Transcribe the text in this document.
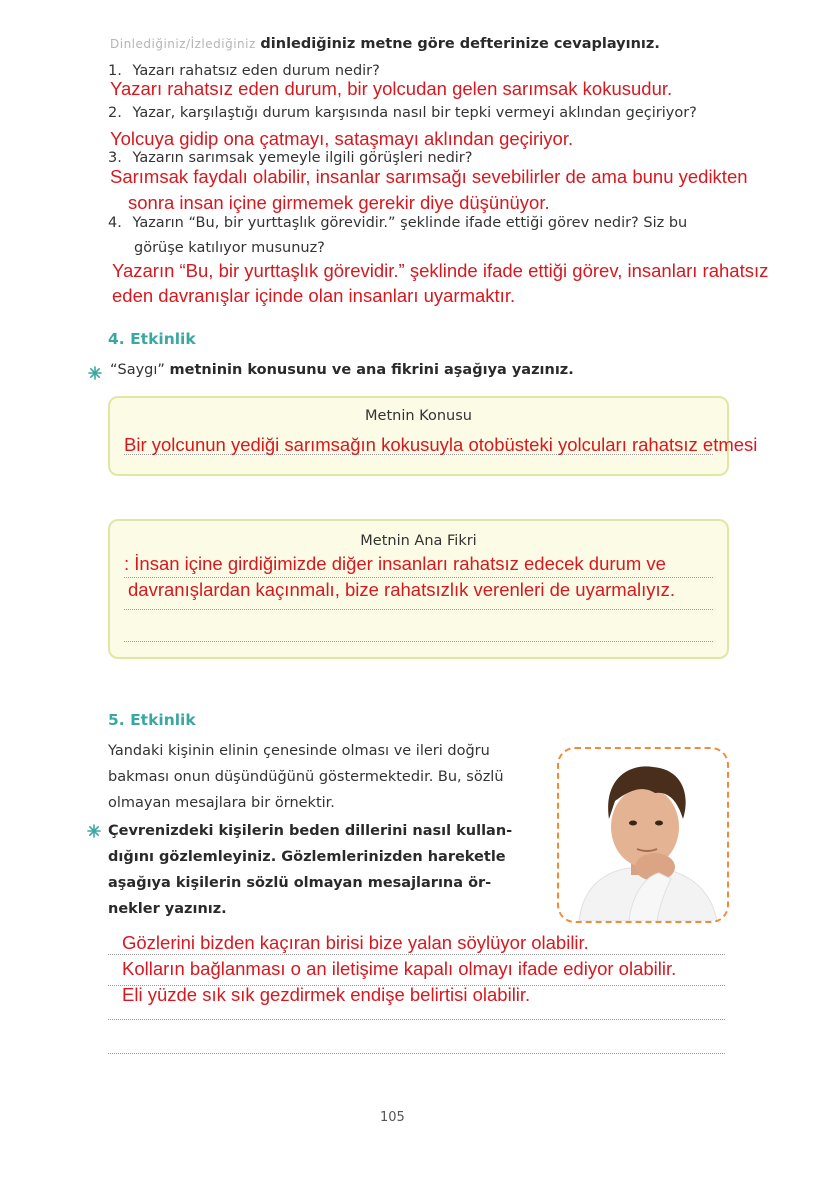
Dinlediğiniz/İzlediğiniz dinlediğiniz metne göre defterinize cevaplayınız.
1. Yazarı rahatsız eden durum nedir?
Yazarı rahatsız eden durum, bir yolcudan gelen sarımsak kokusudur.
2. Yazar, karşılaştığı durum karşısında nasıl bir tepki vermeyi aklından geçiriyor?
Yolcuya gidip ona çatmayı, sataşmayı aklından geçiriyor.
3. Yazarın sarımsak yemeyle ilgili görüşleri nedir?
Sarımsak faydalı olabilir, insanlar sarımsağı sevebilirler de ama bunu yedikten
sonra insan içine girmemek gerekir diye düşünüyor.
4. Yazarın “Bu, bir yurttaşlık görevidir.” şeklinde ifade ettiği görev nedir? Siz bu
görüşe katılıyor musunuz?
Yazarın “Bu, bir yurttaşlık görevidir.” şeklinde ifade ettiği görev, insanları rahatsız
eden davranışlar içinde olan insanları uyarmaktır.
4. Etkinlik
“Saygı” metninin konusunu ve ana fikrini aşağıya yazınız.
Metnin Konusu
Bir yolcunun yediği sarımsağın kokusuyla otobüsteki yolcuları rahatsız etmesi
Metnin Ana Fikri
: İnsan içine girdiğimizde diğer insanları rahatsız edecek durum ve
davranışlardan kaçınmalı, bize rahatsızlık verenleri de uyarmalıyız.
5. Etkinlik
Yandaki kişinin elinin çenesinde olması ve ileri doğru
bakması onun düşündüğünü göstermektedir. Bu, sözlü
olmayan mesajlara bir örnektir.
Çevrenizdeki kişilerin beden dillerini nasıl kullan-
dığını gözlemleyiniz. Gözlemlerinizden hareketle
aşağıya kişilerin sözlü olmayan mesajlarına ör-
nekler yazınız.
Gözlerini bizden kaçıran birisi bize yalan söylüyor olabilir.
Kolların bağlanması o an iletişime kapalı olmayı ifade ediyor olabilir.
Eli yüzde sık sık gezdirmek endişe belirtisi olabilir.
105
